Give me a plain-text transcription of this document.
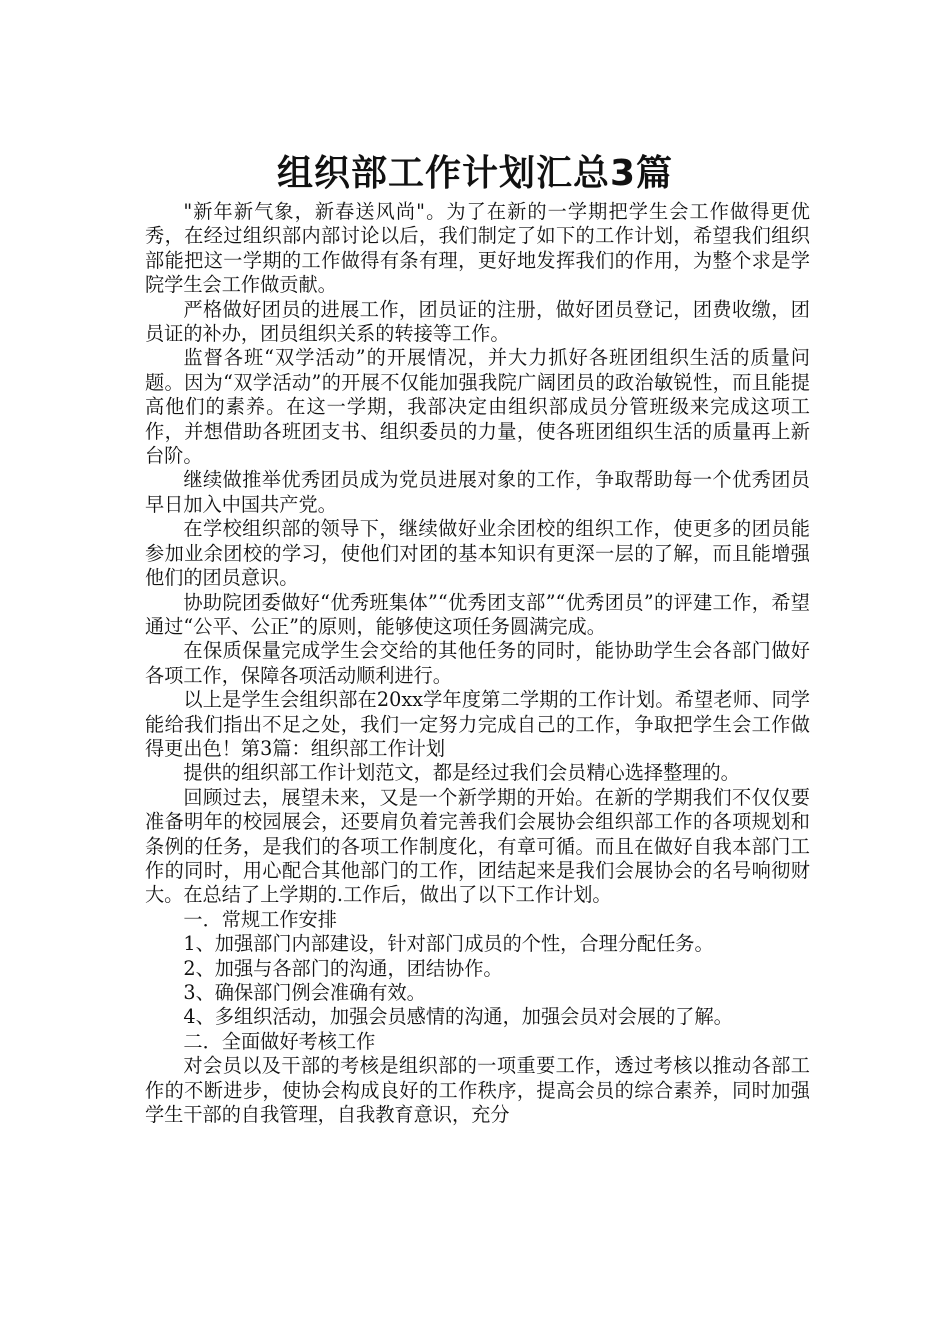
组织部工作计划汇总3篇

"新年新气象，新春送风尚"。为了在新的一学期把学生会工作做得更优秀，在经过组织部内部讨论以后，我们制定了如下的工作计划，希望我们组织部能把这一学期的工作做得有条有理，更好地发挥我们的作用，为整个求是学院学生会工作做贡献。

严格做好团员的进展工作，团员证的注册，做好团员登记，团费收缴，团员证的补办，团员组织关系的转接等工作。

监督各班“双学活动”的开展情况，并大力抓好各班团组织生活的质量问题。因为“双学活动”的开展不仅能加强我院广阔团员的政治敏锐性，而且能提高他们的素养。在这一学期，我部决定由组织部成员分管班级来完成这项工作，并想借助各班团支书、组织委员的力量，使各班团组织生活的质量再上新台阶。

继续做推举优秀团员成为党员进展对象的工作，争取帮助每一个优秀团员早日加入中国共产党。

在学校组织部的领导下，继续做好业余团校的组织工作，使更多的团员能参加业余团校的学习，使他们对团的基本知识有更深一层的了解，而且能增强他们的团员意识。

协助院团委做好“优秀班集体”“优秀团支部”“优秀团员”的评建工作，希望通过“公平、公正”的原则，能够使这项任务圆满完成。

在保质保量完成学生会交给的其他任务的同时，能协助学生会各部门做好各项工作，保障各项活动顺利进行。

以上是学生会组织部在20xx学年度第二学期的工作计划。希望老师、同学能给我们指出不足之处，我们一定努力完成自己的工作，争取把学生会工作做得更出色！第3篇：组织部工作计划

提供的组织部工作计划范文，都是经过我们会员精心选择整理的。

回顾过去，展望未来，又是一个新学期的开始。在新的学期我们不仅仅要准备明年的校园展会，还要肩负着完善我们会展协会组织部工作的各项规划和条例的任务，是我们的各项工作制度化，有章可循。而且在做好自我本部门工作的同时，用心配合其他部门的工作，团结起来是我们会展协会的名号响彻财大。在总结了上学期的.工作后，做出了以下工作计划。

一．常规工作安排

1、加强部门内部建设，针对部门成员的个性，合理分配任务。

2、加强与各部门的沟通，团结协作。

3、确保部门例会准确有效。

4、多组织活动，加强会员感情的沟通，加强会员对会展的了解。

二．全面做好考核工作

对会员以及干部的考核是组织部的一项重要工作，透过考核以推动各部工作的不断进步，使协会构成良好的工作秩序，提高会员的综合素养，同时加强学生干部的自我管理，自我教育意识，充分
